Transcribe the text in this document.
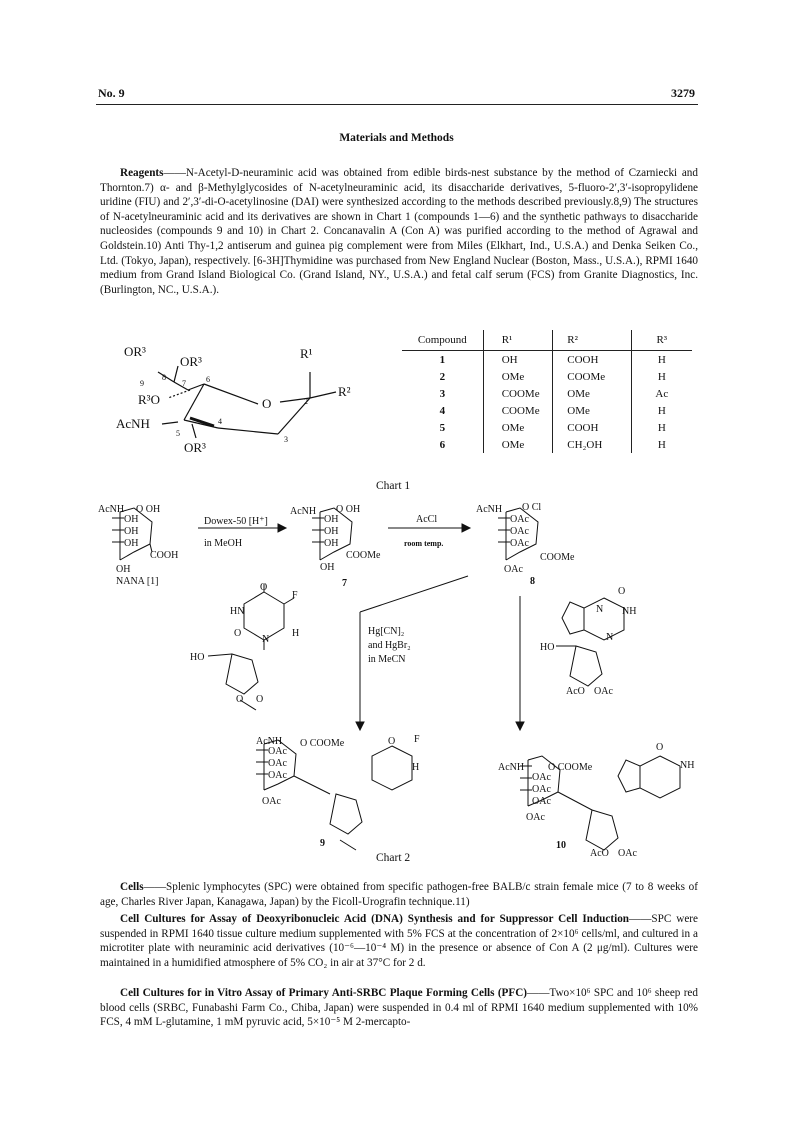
No. 9	3279
Materials and Methods

Reagents——N-Acetyl-D-neuraminic acid was obtained from edible birds-nest substance by the method of Czarniecki and Thornton.7) α- and β-Methylglycosides of N-acetylneuraminic acid, its disaccharide derivatives, 5-fluoro-2′,3′-isopropylidene uridine (FIU) and 2′,3′-di-O-acetylinosine (DAI) were synthesized according to the methods described previously.8,9) The structures of N-acetylneuraminic acid and its derivatives are shown in Chart 1 (compounds 1—6) and the synthetic pathways to disaccharide nucleosides (compounds 9 and 10) in Chart 2. Concanavalin A (Con A) was purified according to the method of Agrawal and Goldstein.10) Anti Thy-1,2 antiserum and guinea pig complement were from Miles (Elkhart, Ind., U.S.A.) and Denka Seiken Co., Ltd. (Tokyo, Japan), respectively. [6-3H]Thymidine was purchased from New England Nuclear (Boston, Mass., U.S.A.), RPMI 1640 medium from Grand Island Biological Co. (Grand Island, NY., U.S.A.) and fetal calf serum (FCS) from Granite Diagnostics, Inc. (Burlington, NC., U.S.A.).

OR³
OR³
R¹
R²
R³O	O
AcNH
OR³
9
8
7	6
5
4
3
2
Compound	R¹	R²	R³
1	OH	COOH	H
2	OMe	COOMe	H
3	COOMe	OMe	Ac
4	COOMe	OMe	H
5	OMe	COOH	H
6	OMe	CH₂OH	H
Chart 1
AcNH O OH
OH
OH
OH
COOH
OH
NANA [1]
Dowex-50 [H⁺]
in MeOH
AcNH O OH
OH
OH
OH
COOMe
OH
7
AcCl
room temp.
AcNH O Cl
OAc
OAc
OAc
COOMe
OAc
8
O
HN
F
O
N
H
HO
O O
Hg[CN]₂
and HgBr₂
in MeCN
O
NH
N
N
HO
AcO OAc
AcNH O COOMe
OAc
OAc
OAc
OAc
O F
H
9
AcNH O COOMe
OAc
OAc
OAc
OAc
O
NH
10
AcO OAc
Chart 2

Cells——Splenic lymphocytes (SPC) were obtained from specific pathogen-free BALB/c strain female mice (7 to 8 weeks of age, Charles River Japan, Kanagawa, Japan) by the Ficoll-Urografin technique.11)

Cell Cultures for Assay of Deoxyribonucleic Acid (DNA) Synthesis and for Suppressor Cell Induction——SPC were suspended in RPMI 1640 tissue culture medium supplemented with 5% FCS at the concentration of 2×10⁶ cells/ml, and cultured in a microtiter plate with neuraminic acid derivatives (10⁻⁶—10⁻⁴ M) in the presence or absence of Con A (2 μg/ml). Cultures were maintained in a humidified atmosphere of 5% CO₂ in air at 37°C for 2 d.

Cell Cultures for in Vitro Assay of Primary Anti-SRBC Plaque Forming Cells (PFC)——Two×10⁶ SPC and 10⁶ sheep red blood cells (SRBC, Funabashi Farm Co., Chiba, Japan) were suspended in 0.4 ml of RPMI 1640 medium supplemented with 10% FCS, 4 mM L-glutamine, 1 mM pyruvic acid, 5×10⁻⁵ M 2-mercapto-
